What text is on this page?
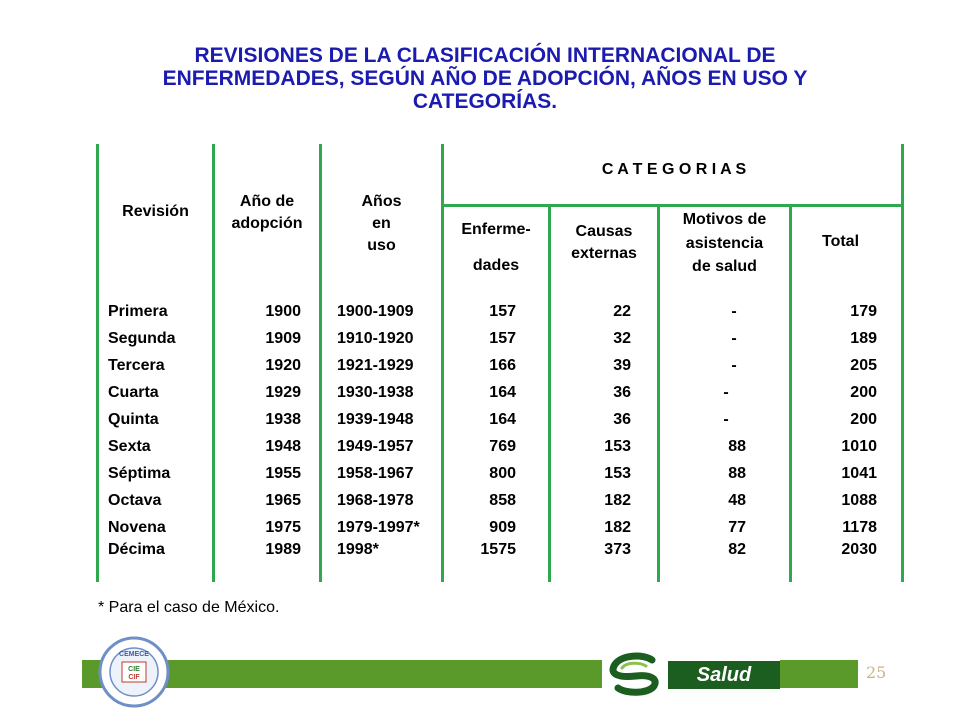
REVISIONES DE LA CLASIFICACIÓN INTERNACIONAL DE ENFERMEDADES, SEGÚN AÑO DE ADOPCIÓN, AÑOS EN USO Y CATEGORÍAS.
Revisión
Año de
adopción
Años
en
uso
C A T E G O R I A S
Enferme-
dades
Causas
externas
Motivos de
asistencia
de salud
Total
Primera	1900 1900-1909	157	22	-	179
Segunda	1909 1910-1920	157	32	-	189
Tercera	1920 1921-1929	166	39	-	205
Cuarta	1929 1930-1938	164	36	-	200
Quinta	1938 1939-1948	164	36	-	200
Sexta	1948 1949-1957	769	153	88	1010
Séptima	1955 1958-1967	800	153	88	1041
Octava	1965 1968-1978	858	182	48	1088
Novena	1975 1979-1997*	909	182	77	1178
Décima	1989 1998*	1575	373	82	2030
* Para el caso de México.
CEMECE
CIE
CIF	Salud	25
